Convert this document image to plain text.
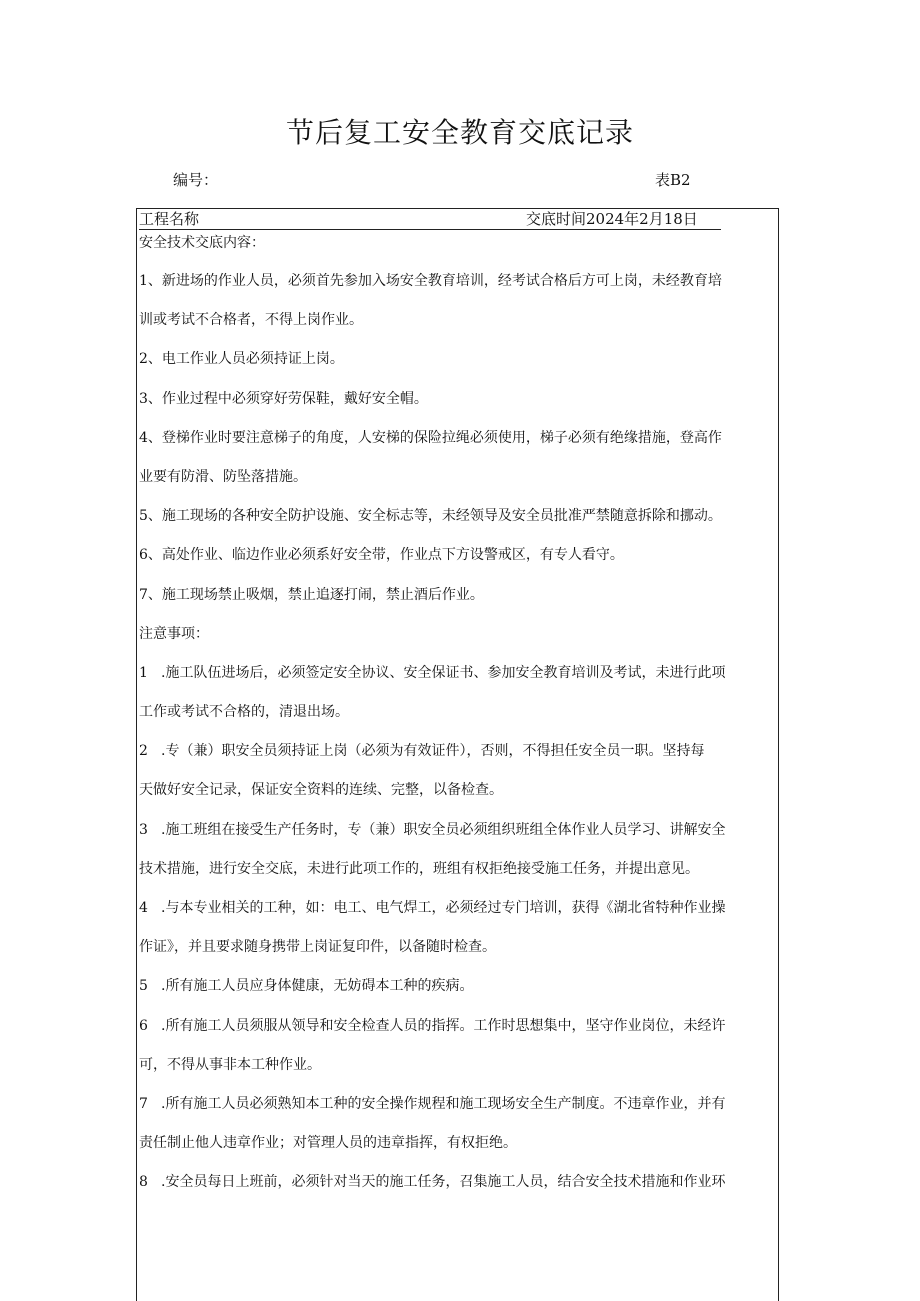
节后复工安全教育交底记录
编号：	表B2
工程名称	交底时间2024年2月18日
安全技术交底内容：
1、新进场的作业人员，必须首先参加入场安全教育培训，经考试合格后方可上岗，未经教育培
训或考试不合格者，不得上岗作业。
2、电工作业人员必须持证上岗。
3、作业过程中必须穿好劳保鞋，戴好安全帽。
4、登梯作业时要注意梯子的角度，人安梯的保险拉绳必须使用，梯子必须有绝缘措施，登高作
业要有防滑、防坠落措施。
5、施工现场的各种安全防护设施、安全标志等，未经领导及安全员批准严禁随意拆除和挪动。
6、高处作业、临边作业必须系好安全带，作业点下方设警戒区，有专人看守。
7、施工现场禁止吸烟，禁止追逐打闹，禁止酒后作业。
注意事项：
1 .施工队伍进场后，必须签定安全协议、安全保证书、参加安全教育培训及考试，未进行此项
工作或考试不合格的，清退出场。
2 .专（兼）职安全员须持证上岗（必须为有效证件），否则，不得担任安全员一职。坚持每
天做好安全记录，保证安全资料的连续、完整，以备检查。
3 .施工班组在接受生产任务时，专（兼）职安全员必须组织班组全体作业人员学习、讲解安全
技术措施，进行安全交底，未进行此项工作的，班组有权拒绝接受施工任务，并提出意见。
4 .与本专业相关的工种，如：电工、电气焊工，必须经过专门培训，获得《湖北省特种作业操
作证》，并且要求随身携带上岗证复印件，以备随时检查。
5 .所有施工人员应身体健康，无妨碍本工种的疾病。
6 .所有施工人员须服从领导和安全检查人员的指挥。工作时思想集中，坚守作业岗位，未经许
可，不得从事非本工种作业。
7 .所有施工人员必须熟知本工种的安全操作规程和施工现场安全生产制度。不违章作业，并有
责任制止他人违章作业；对管理人员的违章指挥，有权拒绝。
8 .安全员每日上班前，必须针对当天的施工任务，召集施工人员，结合安全技术措施和作业环
